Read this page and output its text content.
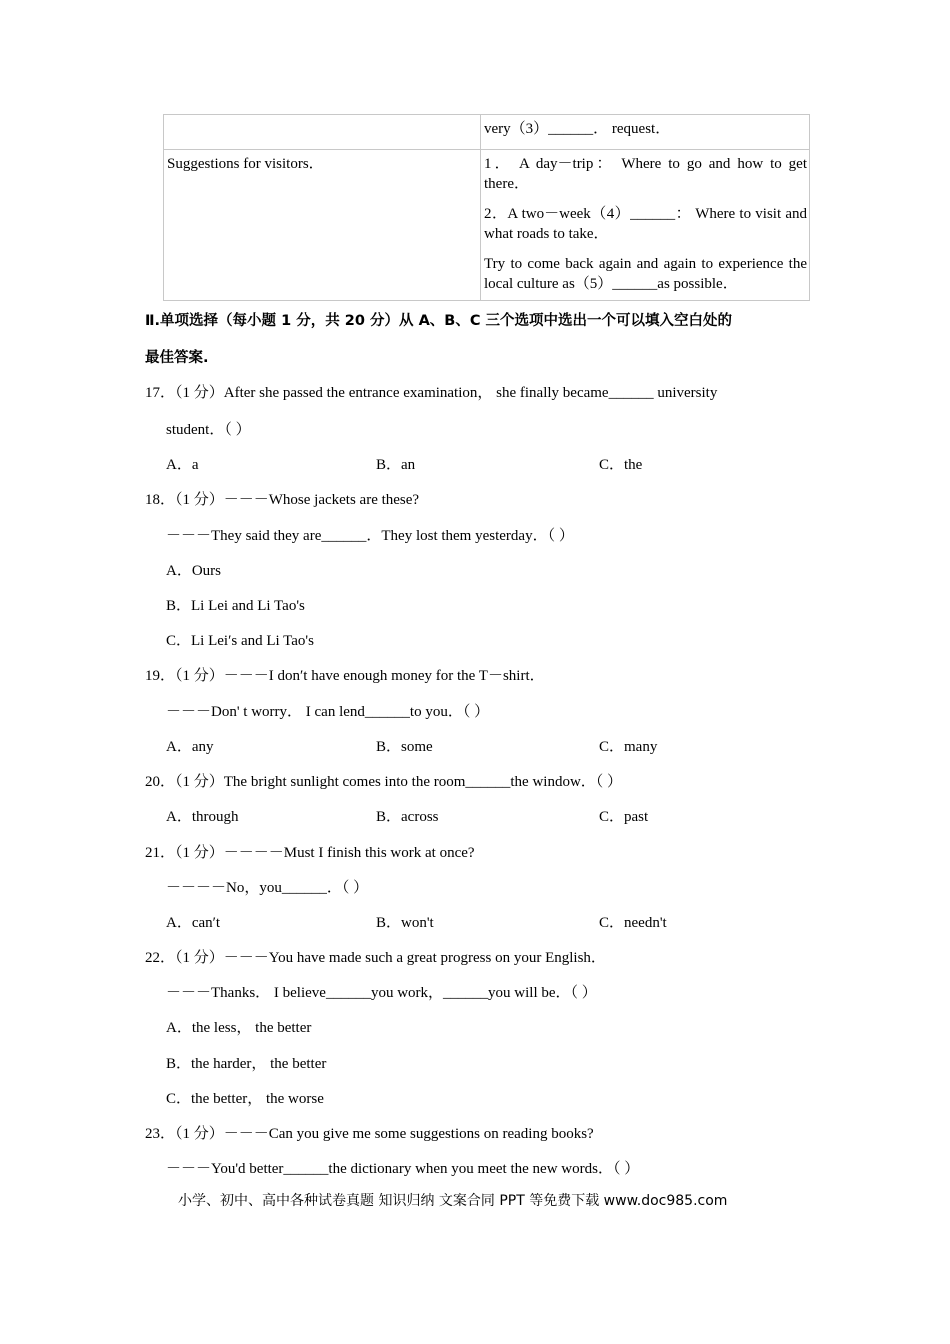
	very（3）______． request．

Suggestions for visitors．	1． A day－trip： Where to go and how to get there．

2．A two－week（4）______： Where to visit and what roads to take．

Try to come back again and again to experience the local culture as（5）______as possible．

Ⅱ.单项选择（每小题 1 分，共 20 分）从 A、B、C 三个选项中选出一个可以填入空白处的
最佳答案.
17．（1 分）After she passed the entrance examination， she finally became______ university
student．（ ）
A．a	B．an	C．the
18．（1 分）－－－Whose jackets are these?
－－－They said they are______．They lost them yesterday．（ ）
A．Ours
B．Li Lei and Li Tao's
C．Li Lei′s and Li Tao's
19．（1 分）－－－I don′t have enough money for the T－shirt．
－－－Don' t worry． I can lend______to you．（ ）
A．any	B．some	C．many
20．（1 分）The bright sunlight comes into the room______the window．（ ）
A．through	B．across	C．past
21．（1 分）－－－－Must I finish this work at once?
－－－－No，you______．（ ）
A．can′t	B．won't	C．needn't
22．（1 分）－－－You have made such a great progress on your English．
－－－Thanks． I believe______you work，______you will be．（ ）
A．the less， the better
B．the harder， the better
C．the better， the worse
23．（1 分）－－－Can you give me some suggestions on reading books?
－－－You'd better______the dictionary when you meet the new words．（ ）
小学、初中、高中各种试卷真题 知识归纳 文案合同 PPT 等免费下载 www.doc985.com
